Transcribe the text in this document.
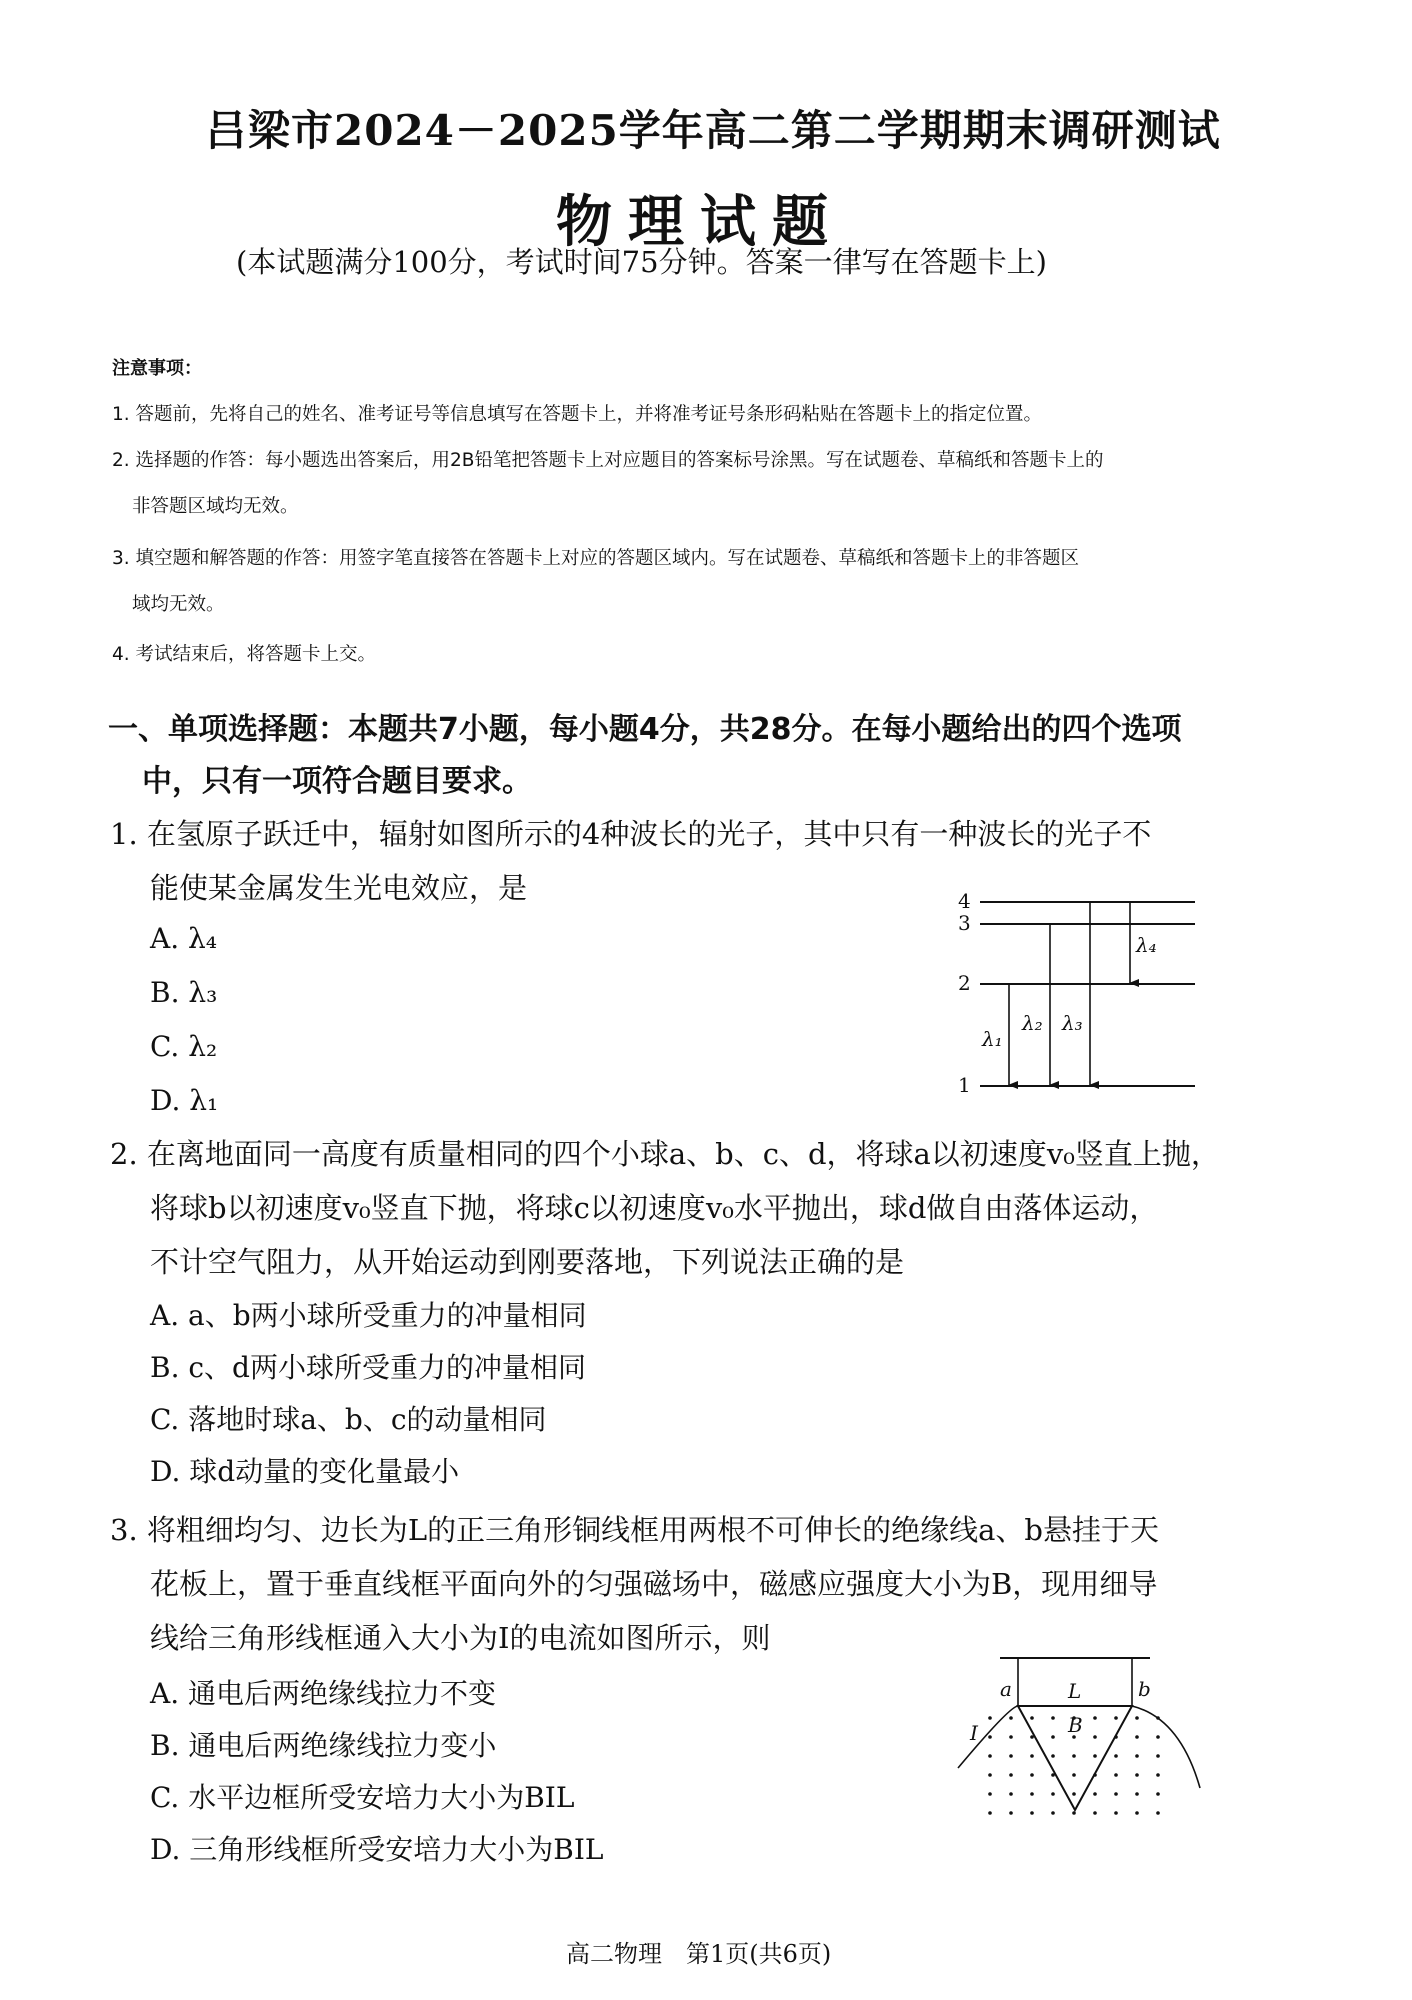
吕梁市2024－2025学年高二第二学期期末调研测试
物理试题
(本试题满分100分，考试时间75分钟。答案一律写在答题卡上)
注意事项：
1. 答题前，先将自己的姓名、准考证号等信息填写在答题卡上，并将准考证号条形码粘贴在答题卡上的指定位置。
2. 选择题的作答：每小题选出答案后，用2B铅笔把答题卡上对应题目的答案标号涂黑。写在试题卷、草稿纸和答题卡上的
非答题区域均无效。
3. 填空题和解答题的作答：用签字笔直接答在答题卡上对应的答题区域内。写在试题卷、草稿纸和答题卡上的非答题区
域均无效。
4. 考试结束后，将答题卡上交。
一、单项选择题：本题共7小题，每小题4分，共28分。在每小题给出的四个选项
中，只有一项符合题目要求。
1. 在氢原子跃迁中，辐射如图所示的4种波长的光子，其中只有一种波长的光子不
能使某金属发生光电效应，是
A. λ₄
B. λ₃
C. λ₂
D. λ₁
4
3
2
1
λ₁
λ₂ λ₃
λ₄
2. 在离地面同一高度有质量相同的四个小球a、b、c、d，将球a以初速度v₀竖直上抛，
将球b以初速度v₀竖直下抛，将球c以初速度v₀水平抛出，球d做自由落体运动，
不计空气阻力，从开始运动到刚要落地，下列说法正确的是
A. a、b两小球所受重力的冲量相同
B. c、d两小球所受重力的冲量相同
C. 落地时球a、b、c的动量相同
D. 球d动量的变化量最小
3. 将粗细均匀、边长为L的正三角形铜线框用两根不可伸长的绝缘线a、b悬挂于天
花板上，置于垂直线框平面向外的匀强磁场中，磁感应强度大小为B，现用细导
线给三角形线框通入大小为I的电流如图所示，则
A. 通电后两绝缘线拉力不变
B. 通电后两绝缘线拉力变小
C. 水平边框所受安培力大小为BIL
D. 三角形线框所受安培力大小为BIL
a	b
L
B
I
高二物理　第1页(共6页)
